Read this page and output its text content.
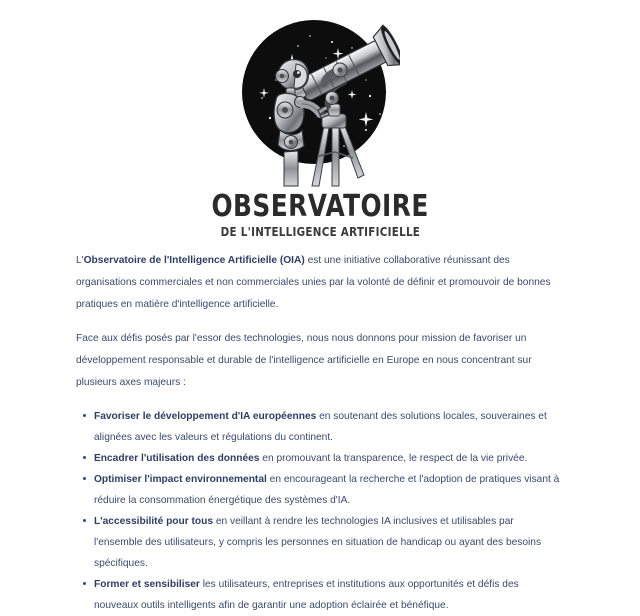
OBSERVATOIRE
DE L'INTELLIGENCE ARTIFICIELLE

L'Observatoire de l'Intelligence Artificielle (OIA) est une initiative collaborative réunissant des organisations commerciales et non commerciales unies par la volonté de définir et promouvoir de bonnes pratiques en matière d'intelligence artificielle.

Face aux défis posés par l'essor des technologies, nous nous donnons pour mission de favoriser un développement responsable et durable de l'intelligence artificielle en Europe en nous concentrant sur plusieurs axes majeurs :

Favoriser le développement d'IA européennes en soutenant des solutions locales, souveraines et alignées avec les valeurs et régulations du continent.
Encadrer l'utilisation des données en promouvant la transparence, le respect de la vie privée.
Optimiser l'impact environnemental en encourageant la recherche et l'adoption de pratiques visant à réduire la consommation énergétique des systèmes d'IA.
L'accessibilité pour tous en veillant à rendre les technologies IA inclusives et utilisables par l'ensemble des utilisateurs, y compris les personnes en situation de handicap ou ayant des besoins spécifiques.
Former et sensibiliser les utilisateurs, entreprises et institutions aux opportunités et défis des nouveaux outils intelligents afin de garantir une adoption éclairée et bénéfique.
